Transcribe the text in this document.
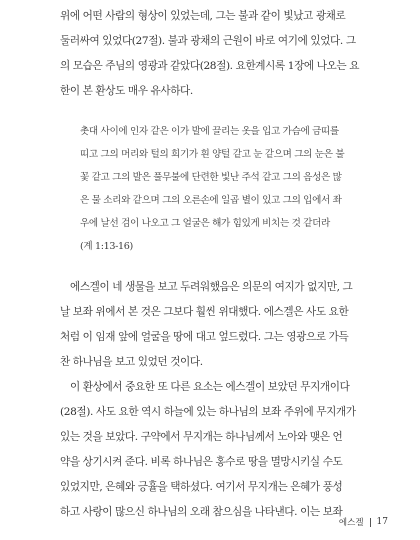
위에 어떤 사람의 형상이 있었는데, 그는 불과 같이 빛났고 광채로
둘러싸여 있었다(27절). 불과 광채의 근원이 바로 여기에 있었다. 그
의 모습은 주님의 영광과 같았다(28절). 요한계시록 1장에 나오는 요
한이 본 환상도 매우 유사하다.
촛대 사이에 인자 같은 이가 발에 끌리는 옷을 입고 가슴에 금띠를
띠고 그의 머리와 털의 희기가 흰 양털 같고 눈 같으며 그의 눈은 불
꽃 같고 그의 발은 풀무불에 단련한 빛난 주석 같고 그의 음성은 많
은 물 소리와 같으며 그의 오른손에 일곱 별이 있고 그의 입에서 좌
우에 날선 검이 나오고 그 얼굴은 해가 힘있게 비치는 것 같더라
(계 1:13-16)
에스겔이 네 생물을 보고 두려워했음은 의문의 여지가 없지만, 그
날 보좌 위에서 본 것은 그보다 훨씬 위대했다. 에스겔은 사도 요한
처럼 이 임재 앞에 얼굴을 땅에 대고 엎드렸다. 그는 영광으로 가득
찬 하나님을 보고 있었던 것이다.
이 환상에서 중요한 또 다른 요소는 에스겔이 보았던 무지개이다
(28절). 사도 요한 역시 하늘에 있는 하나님의 보좌 주위에 무지개가
있는 것을 보았다. 구약에서 무지개는 하나님께서 노아와 맺은 언
약을 상기시켜 준다. 비록 하나님은 홍수로 땅을 멸망시키실 수도
있었지만, 은혜와 긍휼을 택하셨다. 여기서 무지개는 은혜가 풍성
하고 사랑이 많으신 하나님의 오래 참으심을 나타낸다. 이는 보좌
에스겔 17
